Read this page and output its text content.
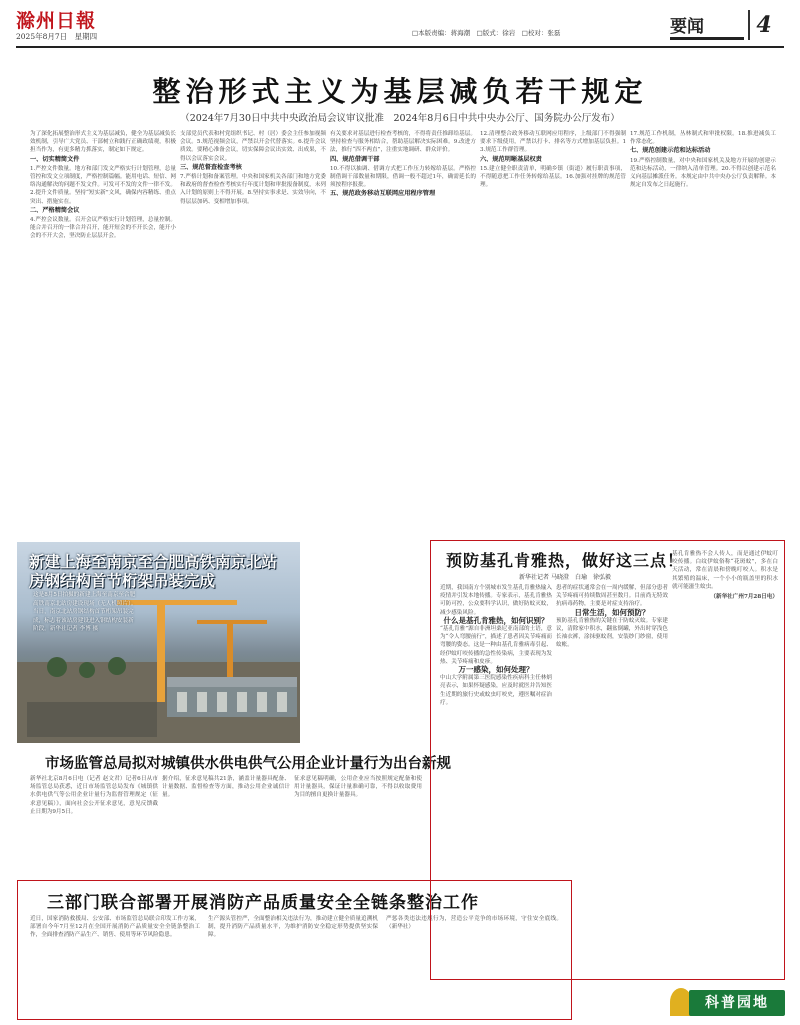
滁州日報
2025年8月7日　星期四	□本版责编：蒋海潮　□版式：徐岩　□校对：张磊	要闻	4
整治形式主义为基层减负若干规定
（2024年7月30日中共中央政治局会议审议批准　2024年8月6日中共中央办公厅、国务院办公厅发布）

为了深化拓展整治形式主义为基层减负，健全为基层减负长效机制，引导广大党员、干部树立和践行正确政绩观，积极担当作为，有更多精力抓落实，制定如下规定。

一、切实精简文件

1.严控文件数量。地方和部门发文严格实行计划管理，总量管控和发文立项制度，严格控制篇幅。能用电话、短信、网络沟通解决的问题不发文件。可发可不发的文件一律不发。2.提升文件质量。坚持“短实新”文风，确保内容精练、重点突出、措施实在。

二、严格精简会议

4.严控会议数量。召开会议严格实行计划管理，总量控制。能合并召开的一律合并召开，能开短会的不开长会，能开小会的不开大会，坚决防止层层开会。

支部党员代表和村党组织书记、村（居）委会主任参加视频会议。5.规范视频会议，严禁以开会代替落实。6.提升会议质效。要精心准备会议，切实保障会议出实效、出成果，不得以会议落实会议。

三、规范督查检查考核

7.严格计划和备案管理。中央和国家机关各部门和地方党委和政府的督查检查考核实行年度计划和审批报备制度，未列入计划的原则上不得开展。8.坚持实事求是、实效导向，不得层层加码、变相增加事项。

有关要求对基层进行检查考核的，不得将责任推卸给基层。坚持检查与服务相结合，帮助基层解决实际困难。9.改进方法，推行“四不两直”，注重实地调研、群众评价。

四、规范借调干部

10.不得以抽调、借调方式把工作压力转嫁给基层。严格控制借调干部数量和期限，借调一般不超过1年，确需延长的须按程序报批。

五、规范政务移动互联网应用程序管理

12.清理整合政务移动互联网应用程序，上级部门不得强制要求下级使用，严禁以打卡、排名等方式增加基层负担。13.规范工作群管理。

六、规范明晰基层权责

15.建立健全职责清单，明确乡镇（街道）履行职责事项，不得随意把工作任务转嫁给基层。16.加强对挂牌的规范管理。

17.规范工作机制，丛林制式和审批权限。18.推进减负工作常态化。

七、规范创建示范和达标活动

19.严格控制数量，对中央和国家机关及地方开展的创建示范和达标活动，一律纳入清单管理。20.不得以创建示范名义向基层摊派任务。本规定由中共中央办公厅负责解释。本规定自发布之日起施行。

新建上海至南京至合肥高铁南京北站房钢结构首节桁架吊装完成
这是8月5日拍摄的新建上海至南京至合肥高铁南京北站房建设现场（无人机照片）。当日，南京北站房钢结构首节桁架吊装完成，标志着该站房建设进入钢结构安装新阶段。新华社记者 李博 摄
市场监管总局拟对城镇供水供电供气公用企业计量行为出台新规
新华社北京8月6日电（记者 赵文君）记者6日从市场监管总局获悉，近日市场监管总局发布《城镇供水供电供气等公用企业计量行为监督管理规定（征求意见稿）》，面向社会公开征求意见，意见反馈截止日期为9月5日。
据介绍，征求意见稿共21条，涵盖计量器具配备、计量数据、监督检查等方面，推动公用企业诚信计量。
征求意见稿明确，公用企业应当按照规定配备和使用计量器具，保证计量准确可靠，不得以收取费用为目的擅自更换计量器具。
三部门联合部署开展消防产品质量安全全链条整治工作
近日，国家消防救援局、公安部、市场监管总局联合印发工作方案，部署自今年7月至12月在全国开展消防产品质量安全全链条整治工作，全面排查消防产品生产、销售、使用等环节风险隐患。
生产源头管控严，全面整治相关违法行为，推动建立健全质量追溯机制，提升消防产品质量水平，为维护消防安全稳定形势提供坚实保障。
严惩各类违法违规行为，营造公平竞争的市场环境，守住安全底线。（新华社）
预防基孔肯雅热，做好这三点！
新华社记者 马晓澄　白瑜　徐弘毅

近期，我国南方个别城市发生基孔肯雅热输入疫情并引发本地传播。专家表示，基孔肯雅热可防可控，公众要科学认识，做好防蚊灭蚊，减少感染风险。

什么是基孔肯雅热，如何识别？

“基孔肯雅”源自非洲坦桑尼亚南部的土语，意为“令人弯腰前行”，描述了患者因关节疼痛而弯腰的姿态。这是一种由基孔肯雅病毒引起、经伊蚊叮咬传播的急性传染病，主要表现为发热、关节疼痛和皮疹。

万一感染，如何处理？

中山大学附属第三医院感染性疾病科主任林炳亮表示，如果怀疑感染，应及时就医并告知医生近期的旅行史或蚊虫叮咬史，遵医嘱对症治疗。

患者的症状通常会在一周内缓解，但部分患者关节疼痛可持续数周甚至数月。目前尚无特效抗病毒药物，主要是对症支持治疗。

日常生活，如何预防？

预防基孔肯雅热的关键在于防蚊灭蚊。专家建议，清除家中积水，翻盆倒罐，外出时穿浅色长袖衣裤，涂抹驱蚊剂，安装纱门纱窗，使用蚊帐。

基孔肯雅热不会人传人，而是通过伊蚊叮咬传播。白纹伊蚊俗称“花斑蚊”，多在白天活动，常在清晨和傍晚叮咬人。积水是其繁殖的温床，一个小小的瓶盖里的积水就可能滋生蚊虫。

（新华社广州7月28日电）

科普园地
